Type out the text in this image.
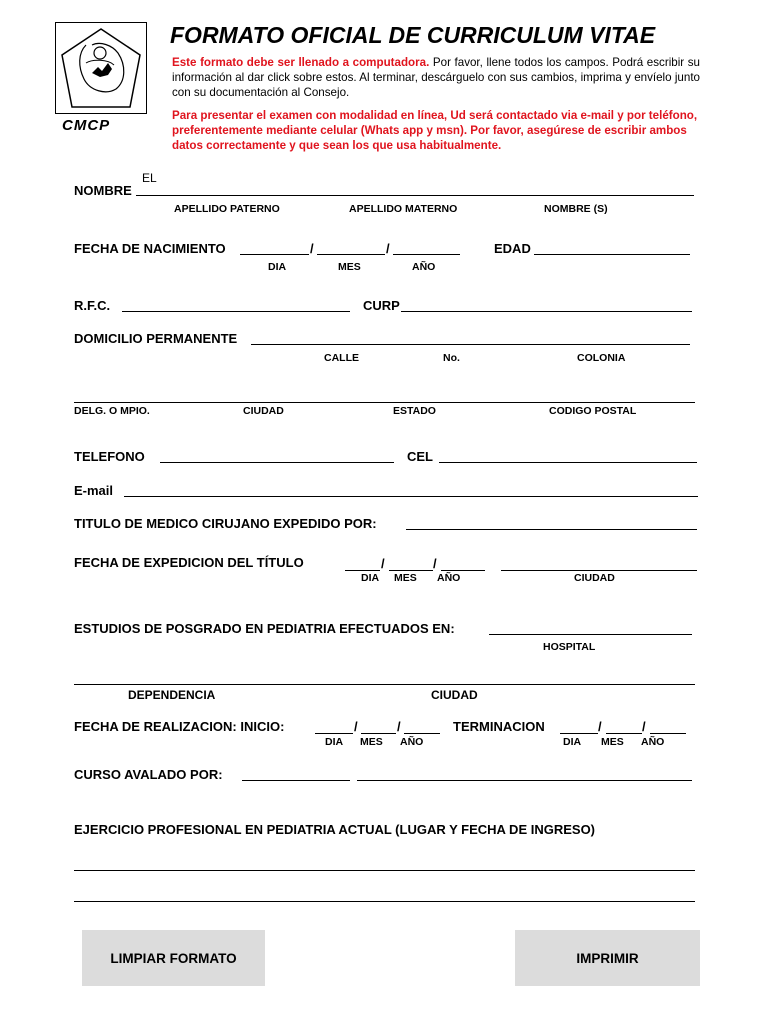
CMCP
FORMATO OFICIAL DE CURRICULUM VITAE
Este formato debe ser llenado a computadora. Por favor, llene todos los campos. Podrá escribir su información al dar click sobre estos. Al terminar, descárguelo con sus cambios, imprima y envíelo junto con su documentación al Consejo.
Para presentar el examen con modalidad en línea, Ud será contactado via e-mail y por teléfono, preferentemente mediante celular (Whats app y msn). Por favor, asegúrese de escribir ambos datos correctamente y que sean los que usa habitualmente.
EL
NOMBRE
APELLIDO PATERNO	APELLIDO MATERNO	NOMBRE (S)
FECHA DE NACIMIENTO	/	/
DIA	MES	AÑO
EDAD
R.F.C.	CURP
DOMICILIO PERMANENTE
CALLE	No.	COLONIA
DELG. O MPIO.	CIUDAD	ESTADO	CODIGO POSTAL
TELEFONO	CEL
E-mail
TITULO DE MEDICO CIRUJANO EXPEDIDO POR:
FECHA DE EXPEDICION DEL TÍTULO	/	/
DIA MES AÑO	CIUDAD
ESTUDIOS DE POSGRADO EN PEDIATRIA EFECTUADOS EN:
HOSPITAL
DEPENDENCIA	CIUDAD
FECHA DE REALIZACION: INICIO:	/	/
DIA MES AÑO
TERMINACION	/	/
DIA MES AÑO
CURSO AVALADO POR:
EJERCICIO PROFESIONAL EN PEDIATRIA ACTUAL (LUGAR Y FECHA DE INGRESO)
LIMPIAR FORMATO	IMPRIMIR
